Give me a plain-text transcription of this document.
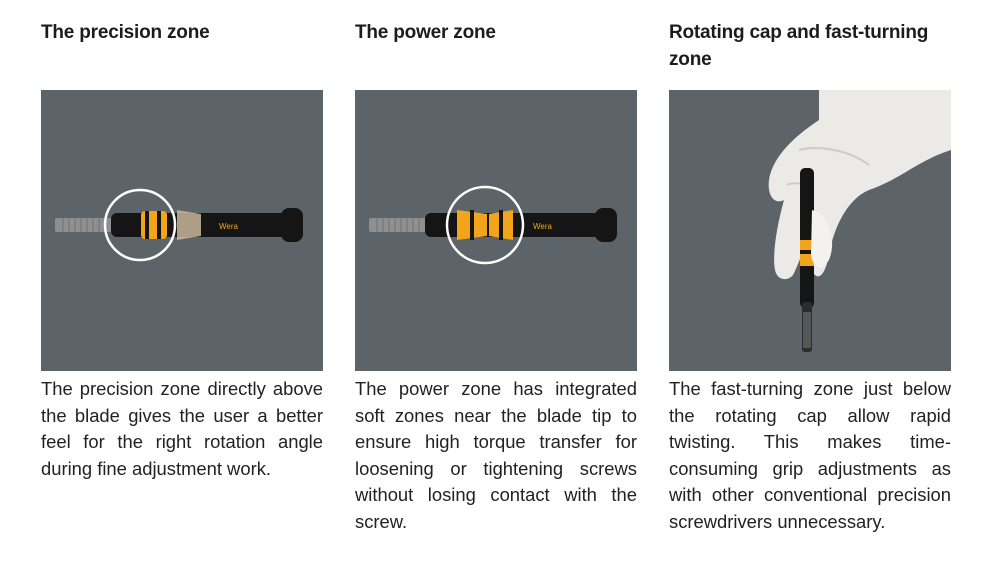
The precision zone
Wera
The precision zone directly above the blade gives the user a better feel for the right rotation angle during fine adjustment work.
The power zone
Wera
The power zone has integrated soft zones near the blade tip to ensure high torque transfer for loosening or tightening screws without losing contact with the screw.
Rotating cap and fast-turning zone
The fast-turning zone just below the rotating cap allow rapid twisting. This makes time-consuming grip adjustments as with other conventional precision screwdrivers unnecessary.
